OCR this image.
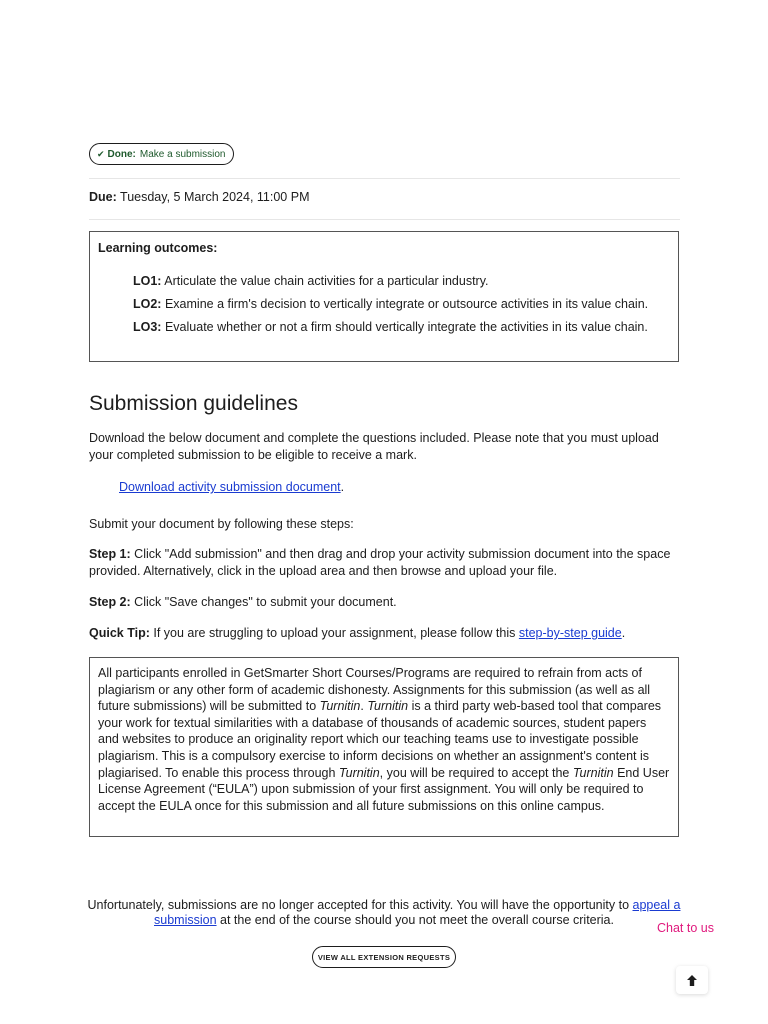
✔ Done: Make a submission
Due: Tuesday, 5 March 2024, 11:00 PM
Learning outcomes:
LO1: Articulate the value chain activities for a particular industry.
LO2: Examine a firm's decision to vertically integrate or outsource activities in its value chain.
LO3: Evaluate whether or not a firm should vertically integrate the activities in its value chain.
Submission guidelines
Download the below document and complete the questions included. Please note that you must upload your completed submission to be eligible to receive a mark.
Download activity submission document.
Submit your document by following these steps:
Step 1: Click "Add submission" and then drag and drop your activity submission document into the space provided. Alternatively, click in the upload area and then browse and upload your file.
Step 2: Click "Save changes" to submit your document.
Quick Tip: If you are struggling to upload your assignment, please follow this step-by-step guide.
All participants enrolled in GetSmarter Short Courses/Programs are required to refrain from acts of plagiarism or any other form of academic dishonesty. Assignments for this submission (as well as all future submissions) will be submitted to Turnitin. Turnitin is a third party web-based tool that compares your work for textual similarities with a database of thousands of academic sources, student papers and websites to produce an originality report which our teaching teams use to investigate possible plagiarism. This is a compulsory exercise to inform decisions on whether an assignment's content is plagiarised. To enable this process through Turnitin, you will be required to accept the Turnitin End User License Agreement (“EULA”) upon submission of your first assignment. You will only be required to accept the EULA once for this submission and all future submissions on this online campus.
Unfortunately, submissions are no longer accepted for this activity. You will have the opportunity to appeal a submission at the end of the course should you not meet the overall course criteria.
VIEW ALL EXTENSION REQUESTS
Chat to us
